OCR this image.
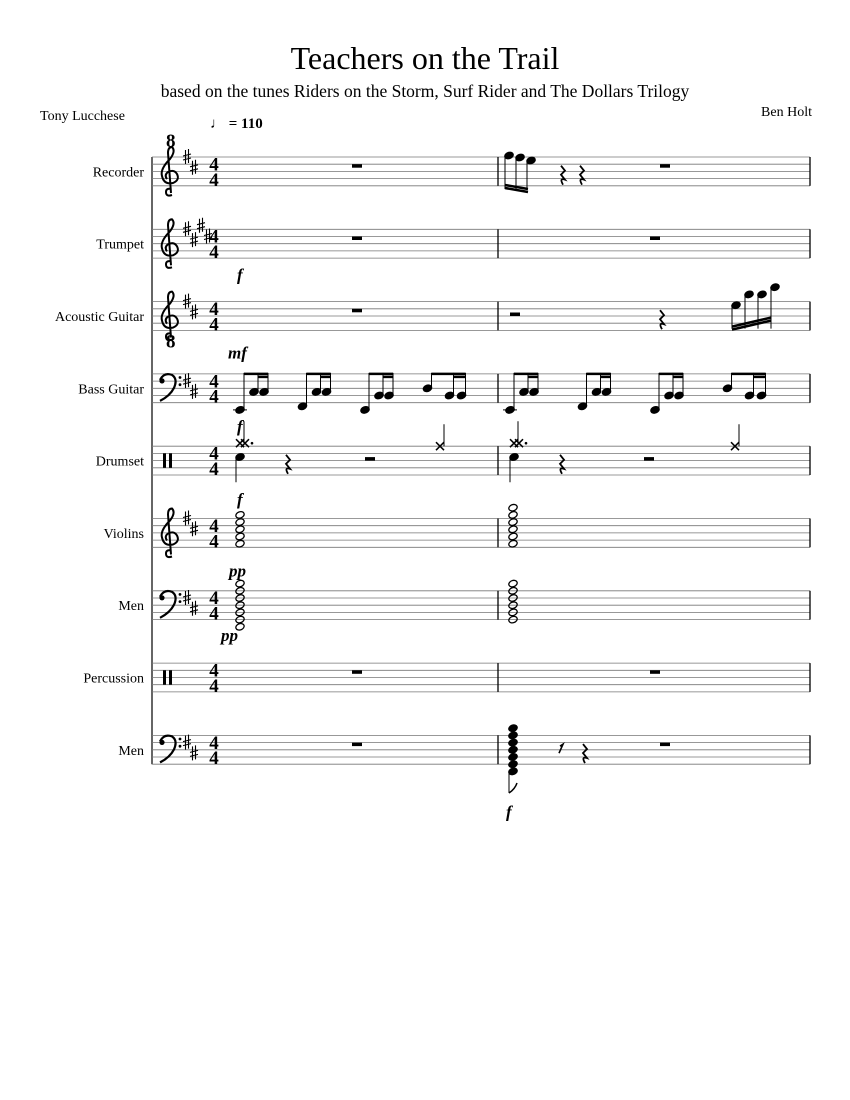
Teachers on the Trail
based on the tunes Riders on the Storm, Surf Rider and The Dollars Trilogy
Ben Holt
Tony Lucchese	♩ = 110
Recorder
8
4
4
Trumpet	4
4
Acoustic Guitar
8
4
4
Bass Guitar	4
4
Drumset	4
4
Violins	4
4
Men	4
4
Percussion	4
4
Men	4
4
f
mf
f
f
pp
pp
f
